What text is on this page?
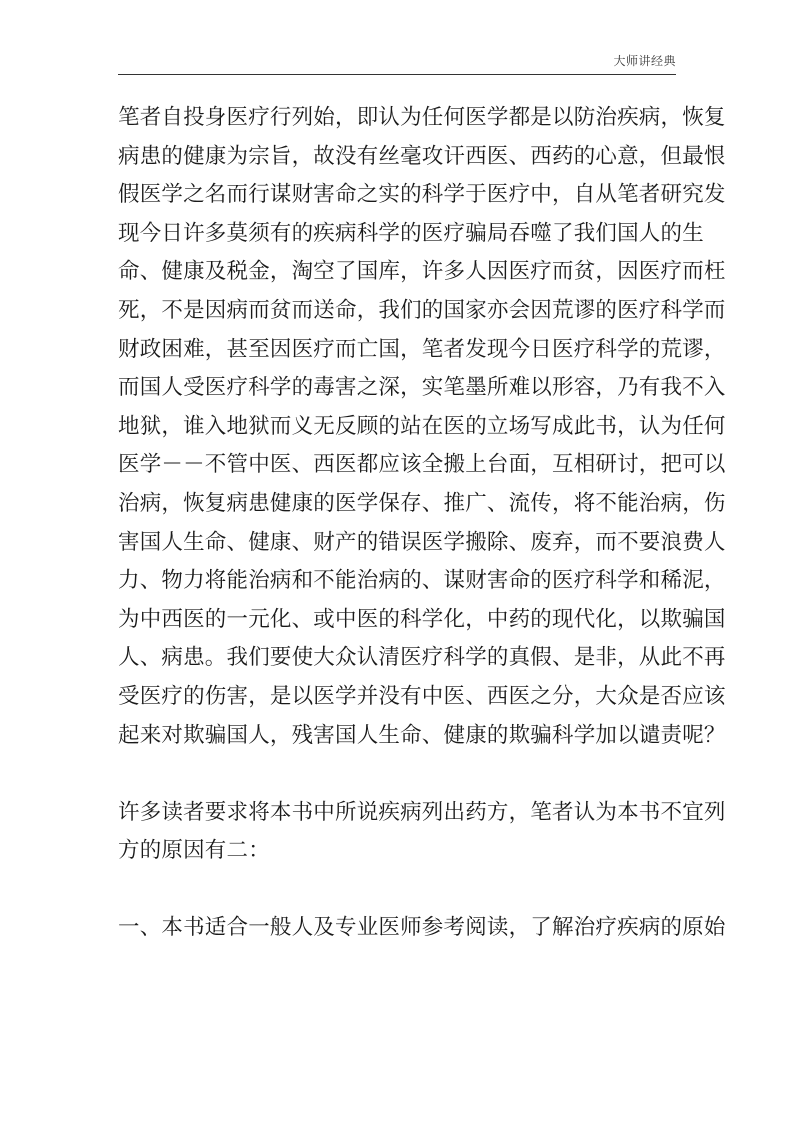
大师讲经典
笔者自投身医疗行列始，即认为任何医学都是以防治疾病，恢复
病患的健康为宗旨，故没有丝毫攻讦西医、西药的心意，但最恨
假医学之名而行谋财害命之实的科学于医疗中，自从笔者研究发
现今日许多莫须有的疾病科学的医疗骗局吞噬了我们国人的生
命、健康及税金，淘空了国库，许多人因医疗而贫，因医疗而枉
死，不是因病而贫而送命，我们的国家亦会因荒谬的医疗科学而
财政困难，甚至因医疗而亡国，笔者发现今日医疗科学的荒谬，
而国人受医疗科学的毒害之深，实笔墨所难以形容，乃有我不入
地狱，谁入地狱而义无反顾的站在医的立场写成此书，认为任何
医学－－不管中医、西医都应该全搬上台面，互相研讨，把可以
治病，恢复病患健康的医学保存、推广、流传，将不能治病，伤
害国人生命、健康、财产的错误医学搬除、废弃，而不要浪费人
力、物力将能治病和不能治病的、谋财害命的医疗科学和稀泥，
为中西医的一元化、或中医的科学化，中药的现代化，以欺骗国
人、病患。我们要使大众认清医疗科学的真假、是非，从此不再
受医疗的伤害，是以医学并没有中医、西医之分，大众是否应该
起来对欺骗国人，残害国人生命、健康的欺骗科学加以谴责呢？
许多读者要求将本书中所说疾病列出药方，笔者认为本书不宜列
方的原因有二：
一、本书适合一般人及专业医师参考阅读，了解治疗疾病的原始
